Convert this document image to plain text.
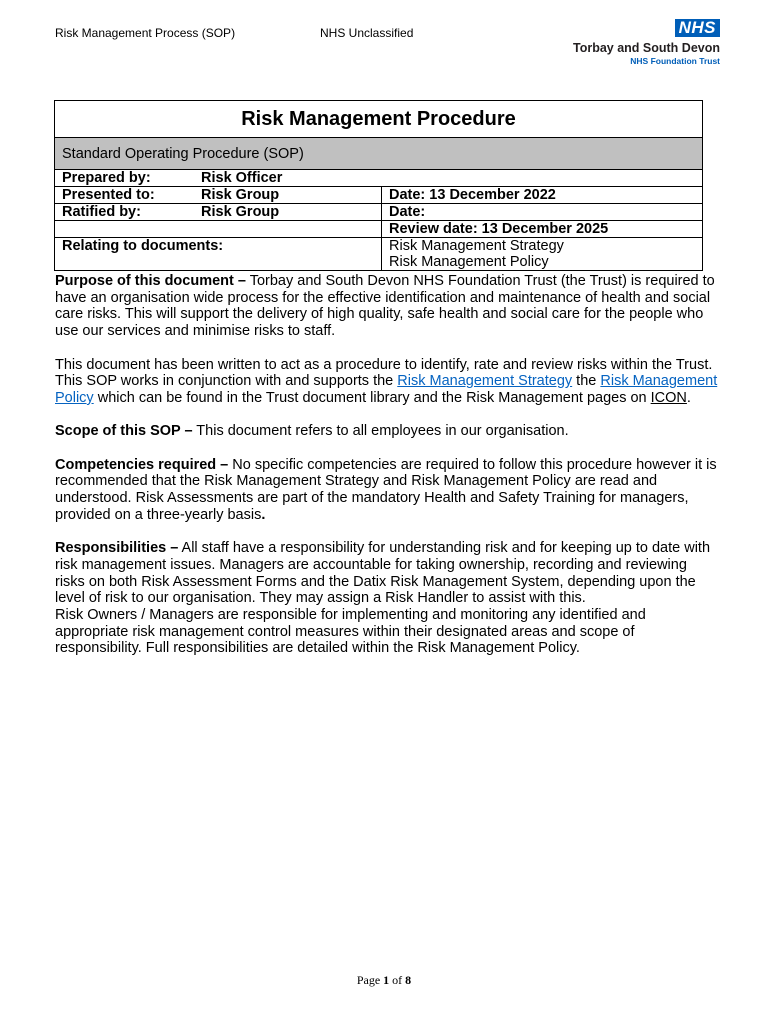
Risk Management Process (SOP)	NHS Unclassified	NHS
Torbay and South Devon
NHS Foundation Trust
Risk Management Procedure	
Standard Operating Procedure (SOP)	
Prepared by: Risk Officer	
Presented to: Risk Group	Date: 13 December 2022
Ratified by: Risk Group	Date:
	Review date: 13 December 2025
Relating to documents:	Risk Management Strategy
Risk Management Policy

Purpose of this document – Torbay and South Devon NHS Foundation Trust (the Trust) is required to have an organisation wide process for the effective identification and maintenance of health and social care risks. This will support the delivery of high quality, safe health and social care for the people who use our services and minimise risks to staff.

This document has been written to act as a procedure to identify, rate and review risks within the Trust. This SOP works in conjunction with and supports the Risk Management Strategy the Risk Management Policy which can be found in the Trust document library and the Risk Management pages on ICON.

Scope of this SOP – This document refers to all employees in our organisation.

Competencies required – No specific competencies are required to follow this procedure however it is recommended that the Risk Management Strategy and Risk Management Policy are read and understood. Risk Assessments are part of the mandatory Health and Safety Training for managers, provided on a three-yearly basis.

Responsibilities – All staff have a responsibility for understanding risk and for keeping up to date with risk management issues. Managers are accountable for taking ownership, recording and reviewing risks on both Risk Assessment Forms and the Datix Risk Management System, depending upon the level of risk to our organisation. They may assign a Risk Handler to assist with this.

Risk Owners / Managers are responsible for implementing and monitoring any identified and appropriate risk management control measures within their designated areas and scope of responsibility. Full responsibilities are detailed within the Risk Management Policy.

Page 1 of 8
